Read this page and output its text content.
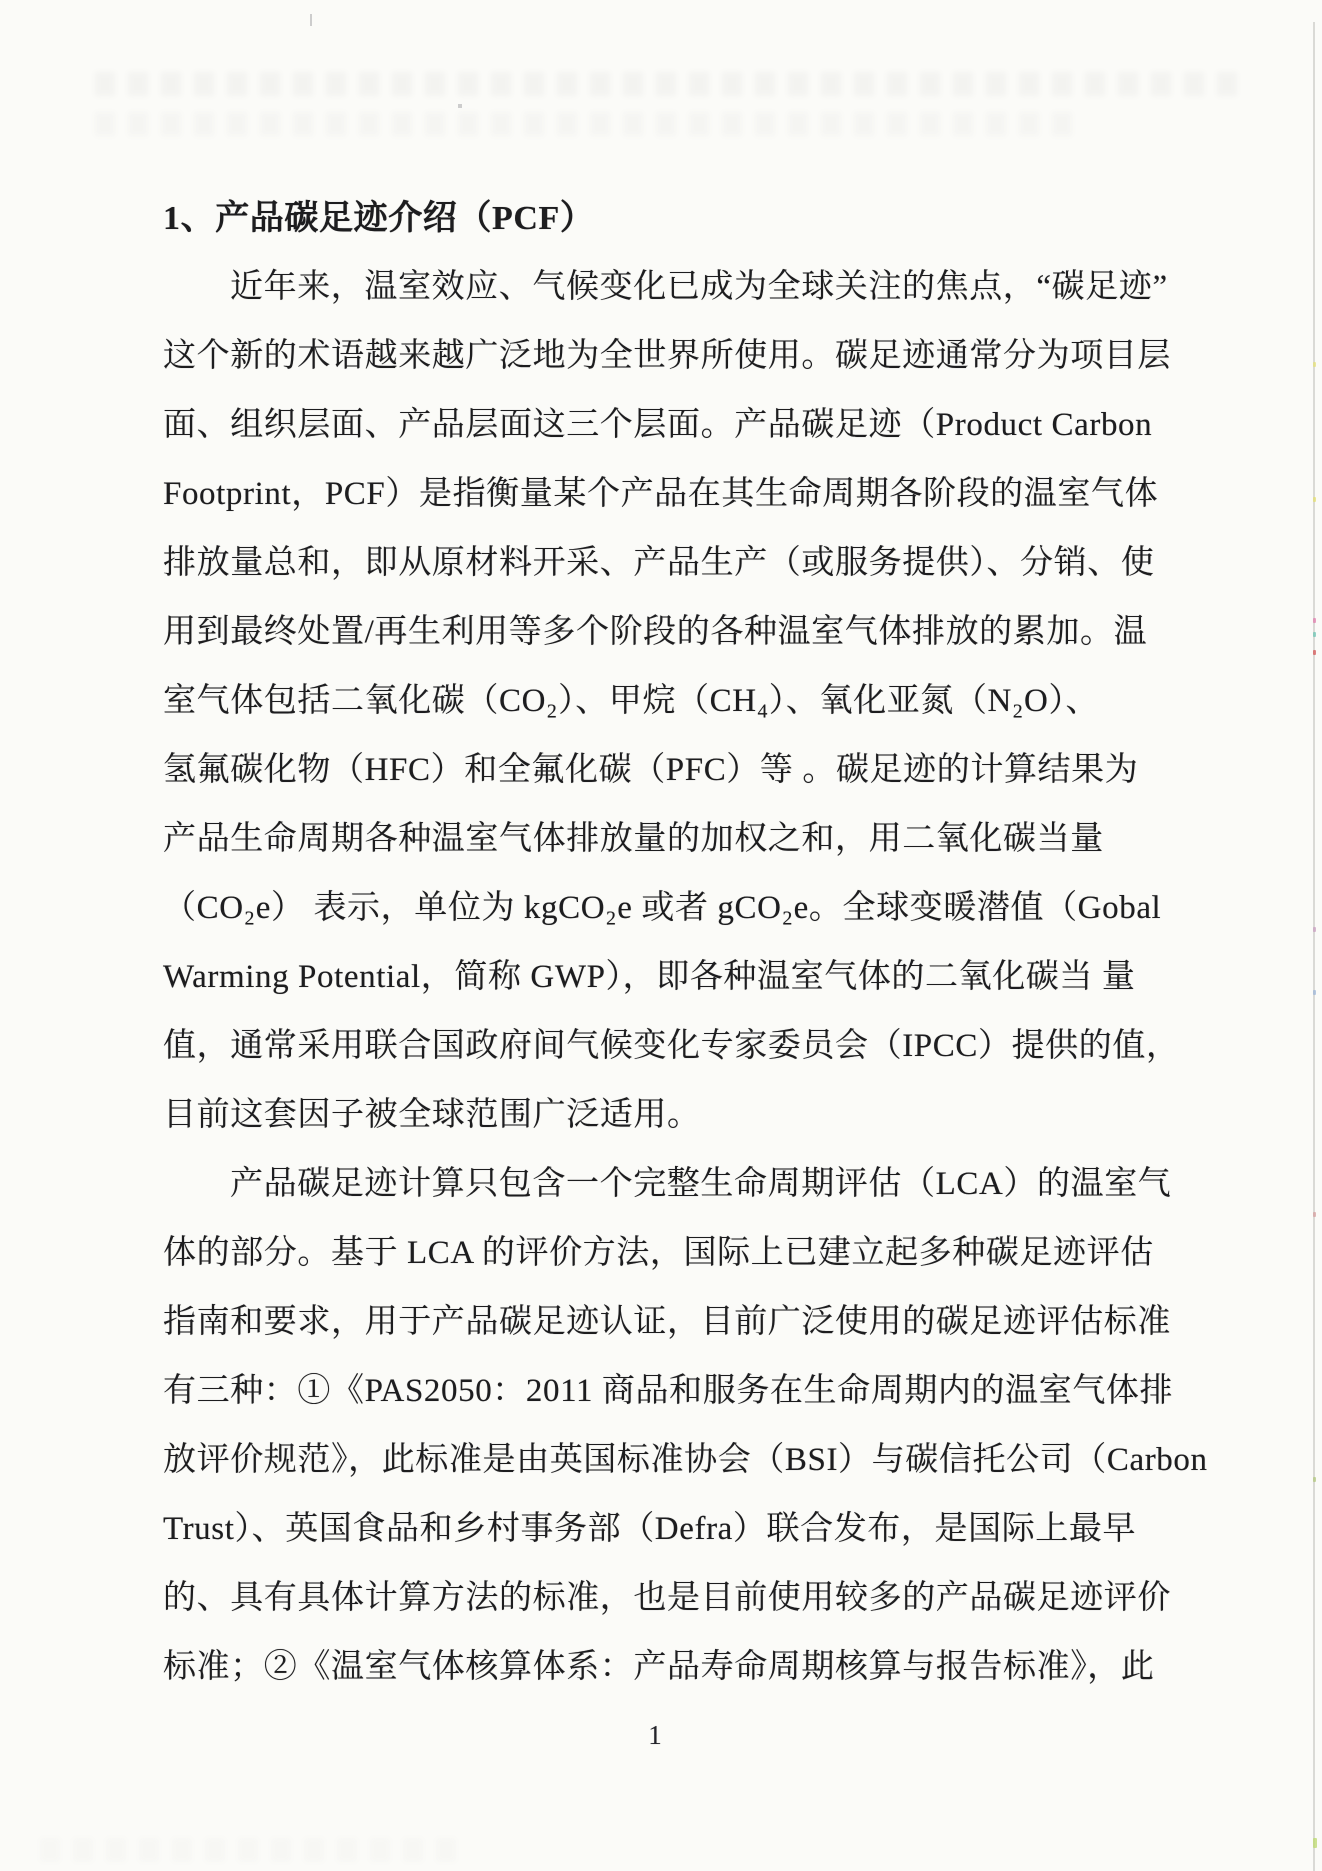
1、产品碳足迹介绍（PCF）
近年来，温室效应、气候变化已成为全球关注的焦点，“碳足迹”
这个新的术语越来越广泛地为全世界所使用。碳足迹通常分为项目层
面、组织层面、产品层面这三个层面。产品碳足迹（Product Carbon
Footprint，PCF）是指衡量某个产品在其生命周期各阶段的温室气体
排放量总和，即从原材料开采、产品生产（或服务提供）、分销、使
用到最终处置/再生利用等多个阶段的各种温室气体排放的累加。温
室气体包括二氧化碳（CO₂）、甲烷（CH₄）、氧化亚氮（N₂O）、
氢氟碳化物（HFC）和全氟化碳（PFC）等 。碳足迹的计算结果为
产品生命周期各种温室气体排放量的加权之和，用二氧化碳当量
（CO₂e） 表示，单位为 kgCO₂e 或者 gCO₂e。全球变暖潜值（Gobal
Warming Potential，简称 GWP），即各种温室气体的二氧化碳当 量
值，通常采用联合国政府间气候变化专家委员会（IPCC）提供的值，
目前这套因子被全球范围广泛适用。
产品碳足迹计算只包含一个完整生命周期评估（LCA）的温室气
体的部分。基于 LCA 的评价方法，国际上已建立起多种碳足迹评估
指南和要求，用于产品碳足迹认证，目前广泛使用的碳足迹评估标准
有三种：①《PAS2050：2011 商品和服务在生命周期内的温室气体排
放评价规范》，此标准是由英国标准协会（BSI）与碳信托公司（Carbon
Trust）、英国食品和乡村事务部（Defra）联合发布，是国际上最早
的、具有具体计算方法的标准，也是目前使用较多的产品碳足迹评价
标准；②《温室气体核算体系：产品寿命周期核算与报告标准》，此
1
